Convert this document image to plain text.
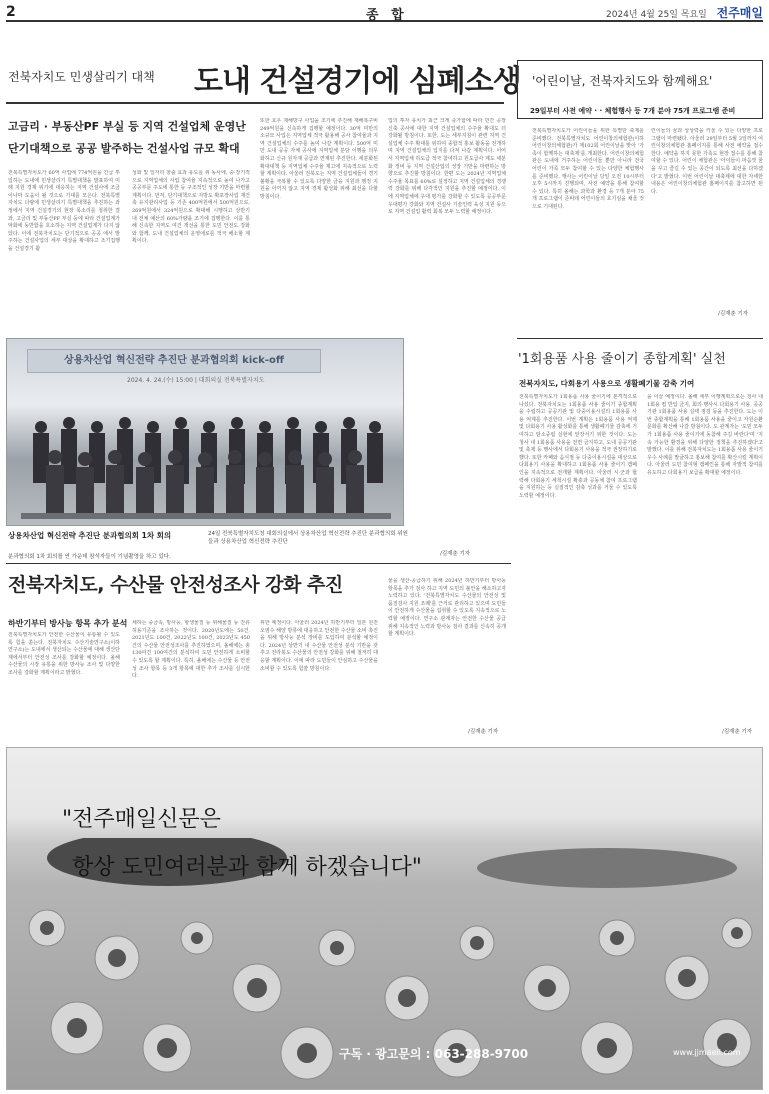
2	종 합	2024년 4월 25일 목요일 전주매일
전북자치도 민생살리기 대책 도내 건설경기에 심폐소생
고금리 · 부동산PF 부실 등 지역 건설업체 운영난
단기대책으로 공공 발주하는 건설사업 규모 확대

전북특별자치도가 60억 사업에 774억원을 긴급 투입하는 도내에 민생살리기 특별대책을 발표하여 미래 지원 경제 위기에 대응하는 지역 건설사에 조금이나마 도움이 될 것으로 기대를 모은다. 전북특별자치도 다량에 민생살리기 특별대책을 추진하는 과정에서 지역 건설경기의 현장 목소리를 청취한 결과, 고금리 및 부동산PF 부실 등에 따라 건설업계가 악화에 동반함을 호소하는 지역 건설업계가 다지 않았다. 이에 전북자치도는 단기적으로 공공 에서 발주하는 건설사업의 세부 대상을 확대하고 조기집행을 건설경기 활

성화 및 일자리 창출 효과 유도를 위 동사에, 중·장기적으로 지역업체의 사업 참여율 지속적으로 높여 나가고 공공부문 주도에 통한 등 구조적인 성장 기반을 마련할 계획이다. 먼저, 단기대책으로 지방도 확포장사업 재건축 유지관리사업 등 기존 400억원에서 500억원으로, 269억원에서 324억원으로 확대해 시행하고 상반기 내 전체 예산의 60%가량을 조기에 집행한다. 이를 통해 신속한 지역도 여건 개선을 통한 도민 안전도 강화와 함께, 도내 건설업체의 운영애로를 적극 해소할 계획이다.

또한 호우 재해방구 사업을 조기에 추진해 재해복구비 249억원을 신속하게 집행할 예정이다. 30억 미만의 소규모 사업은 지역업체 적극 활용해 공사 참여율과 지역 건설업체의 수주를 높여 나갈 계획이다. 500억 미만 도내 공공 자체 공사에 지역업체 분담 이행을 의무화하고 신규 원자재 공급과 연계된 추진한다. 세분화된 확대대책 등 지역업체 수주율 제고에 지속적으로 노력할 계획이다. 아울러 전북도는 지역 건설업체들이 경기 불황을 극복할 수 있도록 다양한 금융 지원과 행정 지원을 아끼지 않고 지역 경제 활성화 위해 최선을 다할 방침이다.

업의 투자 유치가 최근 크게 증가함에 따라 민간 공장 신축 공사에 대한 지역 건설업체의 수주율 확대도 더 강화될 방침이다. 또한, 도는 세부지침이 관련 지역 건설업체 수주 확대를 위하여 종합적 홍보 활동을 전개하며 지역 건설업체의 입지를 다져 나갈 계획이다. 이어서 지역업체 하도급 적극 참여하고 원도급사 제도 세분화 정비 등 지역 건설산업의 성장 기반을 마련하는 방향으로 추진할 방침이다. 한편 도는 2024년 지역업체 수주율 목표를 60%로 설정하고 지역 건설업체의 경쟁력 강화를 위해 다각적인 지원을 추진할 예정이다. 이에 지역업체에 우대 평가를 강화할 수 있도록 공공부문 우대평가 강화와 지역 건설사 기술인력 육성 지원 등으로 지역 건설업 활력 회복 모두 노력할 예정이다.

/김재춘 기자
상용차산업 혁신전략 추진단 분과협의회 kick-off
2024. 4. 24.(수) 15:00 | 대회의실 전북특별자치도
상용차산업 혁신전략 추진단 분과협의회 1차 회의	24일 전북특별자치도청 대회의실에서 상용차산업 혁신전략 추진단 분과협의회 위원들과 상용차산업 혁신전략 추진단
분과협의회 1차 회의를 연 가운데 참석자들이 기념촬영을 하고 있다.
전북자치도, 수산물 안전성조사 강화 추진
하반기부터 방사능 항목 추가 분석

전북특별자치도가 안전한 수산물이 유통될 수 있도록 힘을 쏟는다. 전북자치도 수산기술연구소(이하 연구소)는 도내에서 생산되는 수산물에 대해 생산단계에서부터 안전성 조사를 강화할 예정이다. 올해 수산물의 시장 유통을 위한 방사능 조사 및 다양한 조사를 강화할 계획이라고 밝혔다.

채하는 중금속, 방사능, 항생물질 등 위해물질 등 잔류허용기준을 조사하는 것이다. 2020년도에는 50건, 2021년도 100건, 2022년도 100건, 2023년도 450건의 수산물 안전성조사를 추진하였으며, 올해에는 총 130여건 100여건의 분석하여 도민 안전하게 소비할 수 있도록 할 계획이다. 특히, 올해에는 수산물 등 안전성 조사 항목 등 3개 항목에 대한 추가 조사를 실시한다.

위한 예정이다. 아울러 2024년 하반기부터 일본 원전 오염수 해양 방류에 대응하고 안전한 수산물 소비 촉진을 위해 방사능 분석 장비를 도입하여 분석할 예정이다. 2024년 상반기 내 수산물 안전성 분석 기반을 갖추고 전라북도 수산물의 안전성 강화를 위해 철저히 대응할 계획이다. 이에 따라 도민들이 안심하고 수산물을 소비할 수 있도록 힘쓸 방침이다.

물을 생산·공급하기 위해 2024년 하반기부터 방사능 항목을 추가 검사 하고 지역 도민의 불안을 해소하고자 노력하고 있다. '전북특별자치도 수산물의 안전성 및 품질검사 지원 조례'를 근거로 관리하고 있으며 도민들이 안전하게 수산물을 섭취할 수 있도록 지속적으로 노력할 예정이다. 연구소 관계자는 안전한 수산물 공급 위해 지속적인 노력과 방사능 검사 결과를 신속히 공개할 계획이다.

/김재춘 기자
'어린이날, 전북자치도와 함께해요'
29일부터 사전 예약 · · 체험행사 등 7개 분야 75개 프로그램 준비

전북특별자치도가 어린이들을 위한 특별한 축제를 준비했다. 전북특별자치도 어린이창의체험관(이하 어린이창의체험관)가 제102회 어린이날을 맞아 '가족이 함께하는 대축제'를 개최한다. 어린이창의체험관은 도내에 거주하는 어린이들 뿐만 아니라 전국 어린이 가족 모두 참여할 수 있는 다양한 체험행사를 준비했다. 행사는 어린이날 당일 오전 10시부터 오후 5시까지 진행되며, 사전 예약을 통해 참여할 수 있다. 특히 올해는 과학과 환경 등 7개 분야 75개 프로그램이 준비돼 어린이들의 호기심을 채울 것으로 기대된다.

린이들의 꿈과 상상력을 키울 수 있는 다양한 프로그램이 마련됐다. 아울러 29일부터 5월 3일까지 어린이창의체험관 홈페이지를 통해 사전 예약을 접수한다. 예약을 하지 못한 가족도 현장 접수를 통해 참여할 수 있다. 어린이 체험관은 '아이들이 마음껏 꿈을 꾸고 즐길 수 있는 공간이 되도록 최선을 다하겠다'고 밝혔다. 이번 어린이날 대축제에 대한 자세한 내용은 어린이창의체험관 홈페이지를 참고하면 된다.

/김재춘 기자
'1회용품 사용 줄이기 종합계획' 실천
전북자치도, 다회용기 사용으로 생활폐기물 감축 기여

전북특별자치도가 1회용품 사용 줄이기에 본격적으로 나섰다. 전북자치도는 1회용품 사용 줄이기 종합계획을 수립하고 공공기관 및 다중이용시설의 1회용품 사용 억제를 추진한다. 이번 계획은 1회용품 사용 억제 및 다회용기 사용 활성화를 통해 생활폐기물 감축에 기여하고 탄소중립 실현에 앞장서기 위한 것이다. 도는 청사 내 1회용품 사용을 전면 금지하고, 도내 공공기관 및 축제 등 행사에서 다회용기 사용을 적극 권장하기로 했다. 또한 카페와 음식점 등 다중이용시설을 대상으로 다회용기 사용을 확대하고 1회용품 사용 줄이기 캠페인을 지속적으로 전개할 계획이다. 아울러 시·군과 협력해 다회용기 세척시설 확충과 공동체 참여 프로그램을 지원하는 등 실질적인 감축 성과를 거둘 수 있도록 노력할 예정이다.

을 이끌 예정이다. 올해 세부 이행계획으로는 청사 내 1회용 컵 반입 금지, 회의·행사시 다회용기 사용, 공공기관 1회용품 사용 실태 점검 등을 추진한다. 도는 이번 종합계획을 통해 1회용품 사용을 줄이고 자원순환 문화를 확산해 나갈 방침이다. 도 관계자는 '도민 모두가 1회용품 사용 줄이기에 동참해 주길 바란다'며 '지속 가능한 환경을 위해 다양한 정책을 추진하겠다'고 말했다. 이를 위해 전북자치도는 1회용품 사용 줄이기 우수 사례를 발굴하고 홍보해 참여를 확산시킬 계획이다. 아울러 도민 참여형 캠페인을 통해 자발적 참여를 유도하고 다회용기 보급을 확대할 예정이다.

/김재춘 기자
"전주매일신문은
항상 도민여러분과 함께 하겠습니다"
구독 · 광고문의 : 063-288-9700	www.jjmaeil.com
